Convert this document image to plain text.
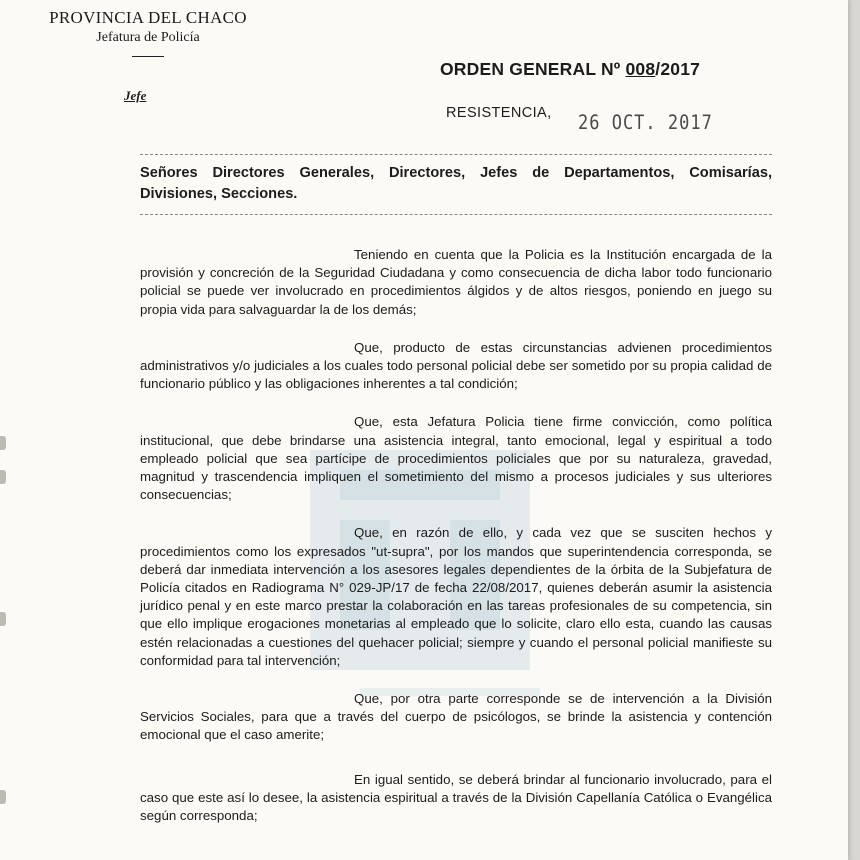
PROVINCIA DEL CHACO
Jefatura de Policía
Jefe
ORDEN GENERAL Nº 008/2017
RESISTENCIA, 26 OCT. 2017
Señores Directores Generales, Directores, Jefes de Departamentos, Comisarías, Divisiones, Secciones.

Teniendo en cuenta que la Policia es la Institución encargada de la provisión y concreción de la Seguridad Ciudadana y como consecuencia de dicha labor todo funcionario policial se puede ver involucrado en procedimientos álgidos y de altos riesgos, poniendo en juego su propia vida para salvaguardar la de los demás;

Que, producto de estas circunstancias advienen procedimientos administrativos y/o judiciales a los cuales todo personal policial debe ser sometido por su propia calidad de funcionario público y las obligaciones inherentes a tal condición;

Que, esta Jefatura Policia tiene firme convicción, como política institucional, que debe brindarse una asistencia integral, tanto emocional, legal y espiritual a todo empleado policial que sea partícipe de procedimientos policiales que por su naturaleza, gravedad, magnitud y trascendencia impliquen el sometimiento del mismo a procesos judiciales y sus ulteriores consecuencias;

Que, en razón de ello, y cada vez que se susciten hechos y procedimientos como los expresados "ut-supra", por los mandos que superintendencia corresponda, se deberá dar inmediata intervención a los asesores legales dependientes de la órbita de la Subjefatura de Policía citados en Radiograma N° 029-JP/17 de fecha 22/08/2017, quienes deberán asumir la asistencia jurídico penal y en este marco prestar la colaboración en las tareas profesionales de su competencia, sin que ello implique erogaciones monetarias al empleado que lo solicite, claro ello esta, cuando las causas estén relacionadas a cuestiones del quehacer policial; siempre y cuando el personal policial manifieste su conformidad para tal intervención;

Que, por otra parte corresponde se de intervención a la División Servicios Sociales, para que a través del cuerpo de psicólogos, se brinde la asistencia y contención emocional que el caso amerite;

En igual sentido, se deberá brindar al funcionario involucrado, para el caso que este así lo desee, la asistencia espiritual a través de la División Capellanía Católica o Evangélica según corresponda;
